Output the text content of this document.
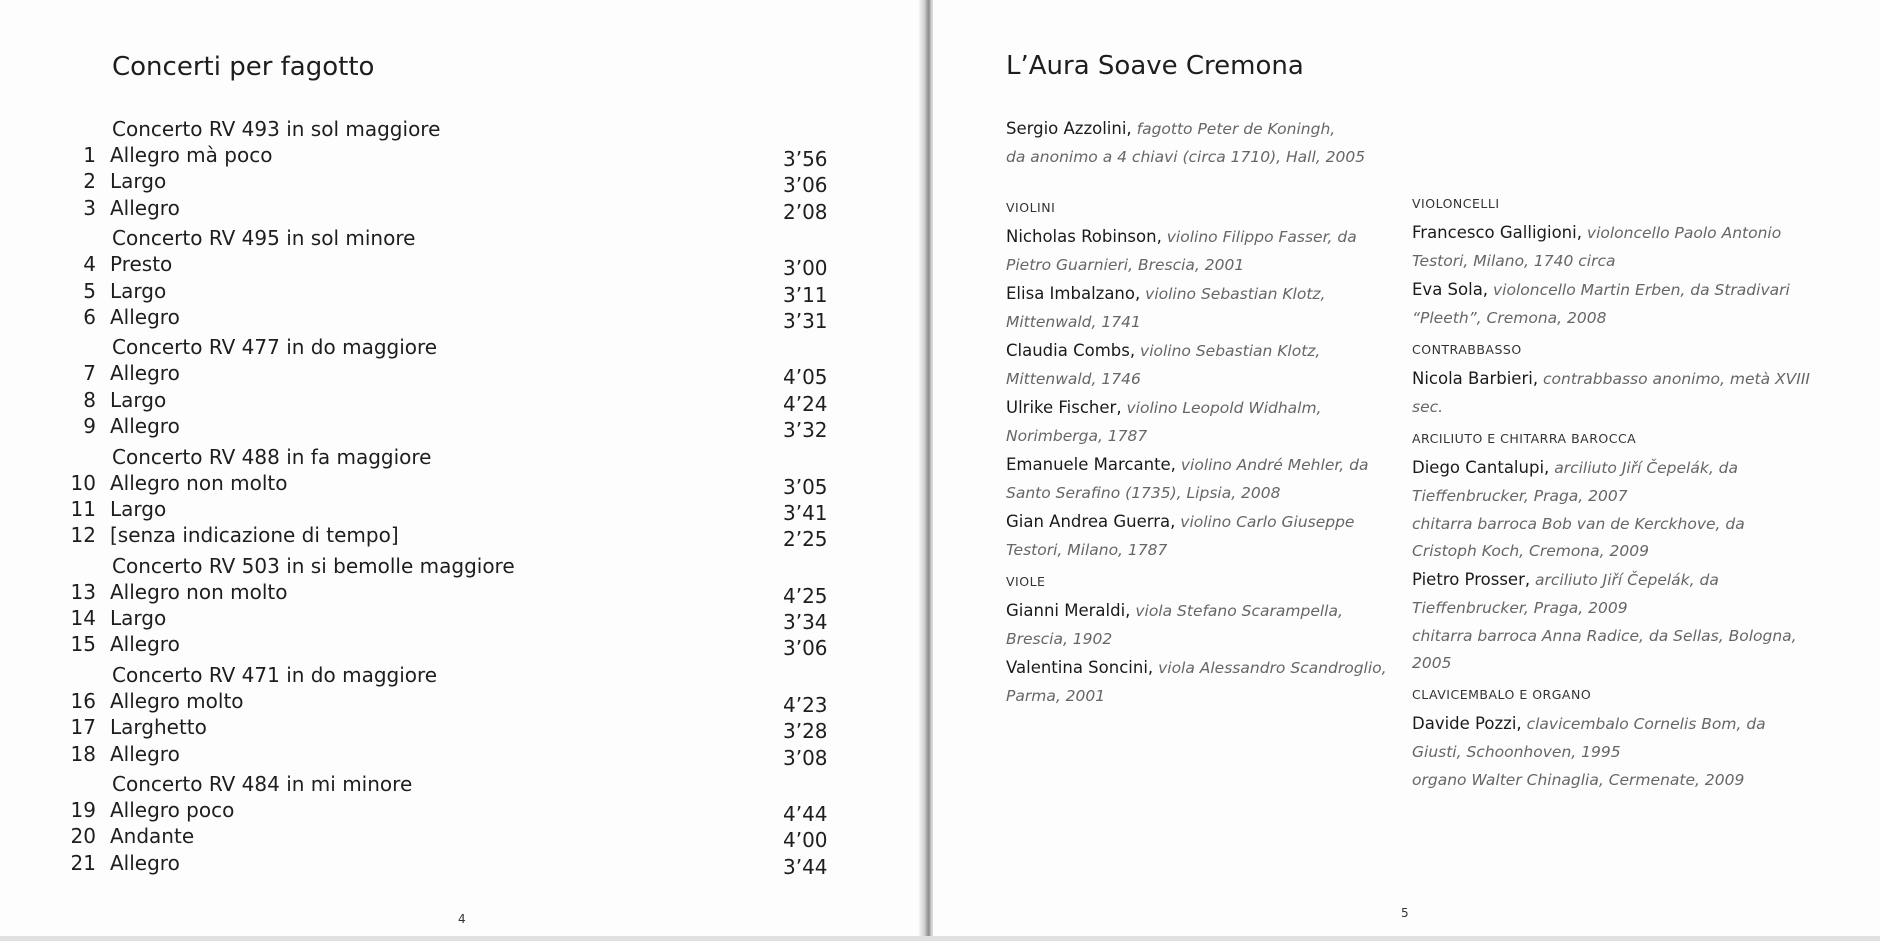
Concerti per fagotto
Concerto RV 493 in sol maggiore
1 Allegro mà poco	3’56
2 Largo	3’06
3 Allegro	2’08
Concerto RV 495 in sol minore
4 Presto	3’00
5 Largo	3’11
6 Allegro	3’31
Concerto RV 477 in do maggiore
7 Allegro	4’05
8 Largo	4’24
9 Allegro	3’32
Concerto RV 488 in fa maggiore
10 Allegro non molto	3’05
11 Largo	3’41
12 [senza indicazione di tempo]	2’25
Concerto RV 503 in si bemolle maggiore
13 Allegro non molto	4’25
14 Largo	3’34
15 Allegro	3’06
Concerto RV 471 in do maggiore
16 Allegro molto	4’23
17 Larghetto	3’28
18 Allegro	3’08
Concerto RV 484 in mi minore
19 Allegro poco	4’44
20 Andante	4’00
21 Allegro	3’44
4
L’Aura Soave Cremona
Sergio Azzolini, fagotto Peter de Koningh,
da anonimo a 4 chiavi (circa 1710), Hall, 2005
VIOLINI
Nicholas Robinson, violino Filippo Fasser, da Pietro Guarnieri, Brescia, 2001
Elisa Imbalzano, violino Sebastian Klotz, Mittenwald, 1741
Claudia Combs, violino Sebastian Klotz, Mittenwald, 1746
Ulrike Fischer, violino Leopold Widhalm, Norimberga, 1787
Emanuele Marcante, violino André Mehler, da Santo Serafino (1735), Lipsia, 2008
Gian Andrea Guerra, violino Carlo Giuseppe Testori, Milano, 1787
VIOLE
Gianni Meraldi, viola Stefano Scarampella, Brescia, 1902
Valentina Soncini, viola Alessandro Scandroglio, Parma, 2001
VIOLONCELLI
Francesco Galligioni, violoncello Paolo Antonio Testori, Milano, 1740 circa
Eva Sola, violoncello Martin Erben, da Stradivari “Pleeth”, Cremona, 2008
CONTRABBASSO
Nicola Barbieri, contrabbasso anonimo, metà XVIII sec.
ARCILIUTO E CHITARRA BAROCCA
Diego Cantalupi, arciliuto Jiří Čepelák, da Tieffenbrucker, Praga, 2007
chitarra barroca Bob van de Kerckhove, da Cristoph Koch, Cremona, 2009
Pietro Prosser, arciliuto Jiří Čepelák, da Tieffenbrucker, Praga, 2009
chitarra barroca Anna Radice, da Sellas, Bologna, 2005
CLAVICEMBALO E ORGANO
Davide Pozzi, clavicembalo Cornelis Bom, da Giusti, Schoonhoven, 1995
organo Walter Chinaglia, Cermenate, 2009
5
